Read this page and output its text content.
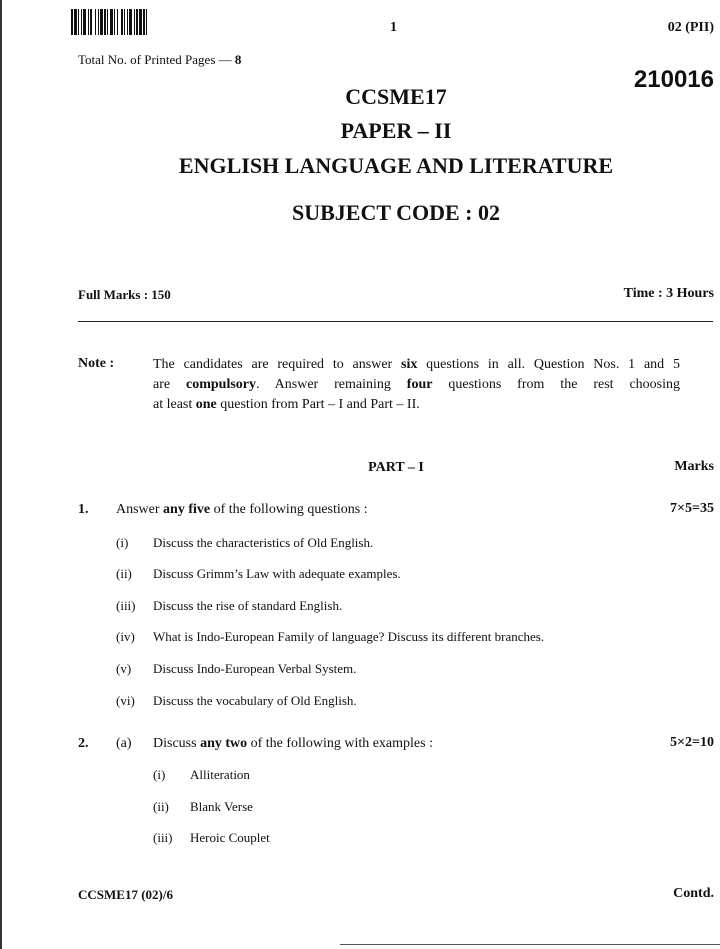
1	02 (PII)
Total No. of Printed Pages — 8
210016
CCSME17
PAPER – II
ENGLISH LANGUAGE AND LITERATURE
SUBJECT CODE : 02
Full Marks : 150	Time : 3 Hours
Note :	The candidates are required to answer six questions in all. Question Nos. 1 and 5
are compulsory. Answer remaining four questions from the rest choosing
at least one question from Part – I and Part – II.
PART – I	Marks
1. Answer any five of the following questions :	7×5=35
(i) Discuss the characteristics of Old English.
(ii) Discuss Grimm’s Law with adequate examples.
(iii) Discuss the rise of standard English.
(iv) What is Indo-European Family of language? Discuss its different branches.
(v) Discuss Indo-European Verbal System.
(vi) Discuss the vocabulary of Old English.
2. (a) Discuss any two of the following with examples :	5×2=10
(i) Alliteration
(ii) Blank Verse
(iii) Heroic Couplet
CCSME17 (02)/6	Contd.
